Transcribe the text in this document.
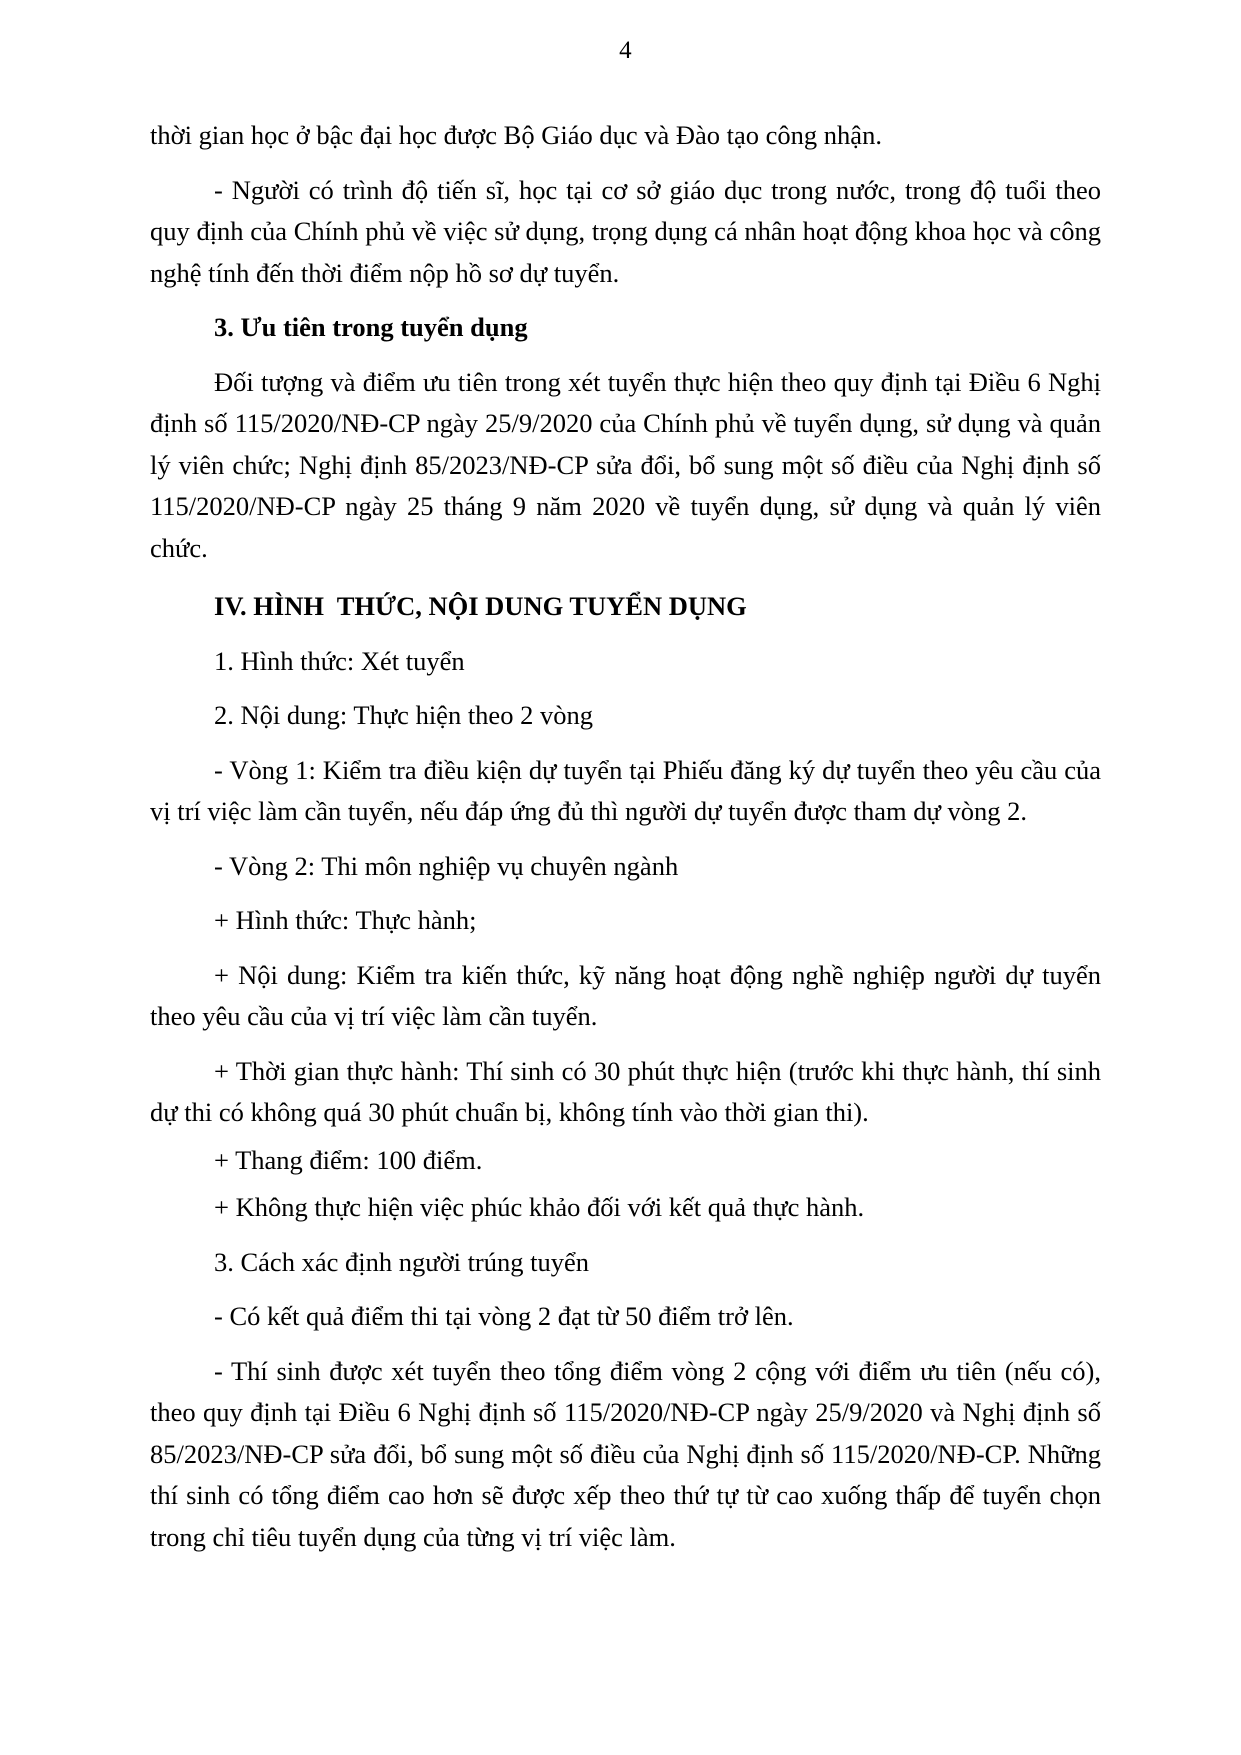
4

thời gian học ở bậc đại học được Bộ Giáo dục và Đào tạo công nhận.

- Người có trình độ tiến sĩ, học tại cơ sở giáo dục trong nước, trong độ tuổi theo quy định của Chính phủ về việc sử dụng, trọng dụng cá nhân hoạt động khoa học và công nghệ tính đến thời điểm nộp hồ sơ dự tuyển.

3. Ưu tiên trong tuyển dụng

Đối tượng và điểm ưu tiên trong xét tuyển thực hiện theo quy định tại Điều 6 Nghị định số 115/2020/NĐ-CP ngày 25/9/2020 của Chính phủ về tuyển dụng, sử dụng và quản lý viên chức; Nghị định 85/2023/NĐ-CP sửa đổi, bổ sung một số điều của Nghị định số 115/2020/NĐ-CP ngày 25 tháng 9 năm 2020 về tuyển dụng, sử dụng và quản lý viên chức.

IV. HÌNH  THỨC, NỘI DUNG TUYỂN DỤNG

1. Hình thức: Xét tuyển

2. Nội dung: Thực hiện theo 2 vòng

- Vòng 1: Kiểm tra điều kiện dự tuyển tại Phiếu đăng ký dự tuyển theo yêu cầu của vị trí việc làm cần tuyển, nếu đáp ứng đủ thì người dự tuyển được tham dự vòng 2.

- Vòng 2: Thi môn nghiệp vụ chuyên ngành

+ Hình thức: Thực hành;

+ Nội dung: Kiểm tra kiến thức, kỹ năng hoạt động nghề nghiệp người dự tuyển theo yêu cầu của vị trí việc làm cần tuyển.

+ Thời gian thực hành: Thí sinh có 30 phút thực hiện (trước khi thực hành, thí sinh dự thi có không quá 30 phút chuẩn bị, không tính vào thời gian thi).

+ Thang điểm: 100 điểm.

+ Không thực hiện việc phúc khảo đối với kết quả thực hành.

3. Cách xác định người trúng tuyển

- Có kết quả điểm thi tại vòng 2 đạt từ 50 điểm trở lên.

- Thí sinh được xét tuyển theo tổng điểm vòng 2 cộng với điểm ưu tiên (nếu có), theo quy định tại Điều 6 Nghị định số 115/2020/NĐ-CP ngày 25/9/2020 và Nghị định số 85/2023/NĐ-CP sửa đổi, bổ sung một số điều của Nghị định số 115/2020/NĐ-CP. Những thí sinh có tổng điểm cao hơn sẽ được xếp theo thứ tự từ cao xuống thấp để tuyển chọn trong chỉ tiêu tuyển dụng của từng vị trí việc làm.
